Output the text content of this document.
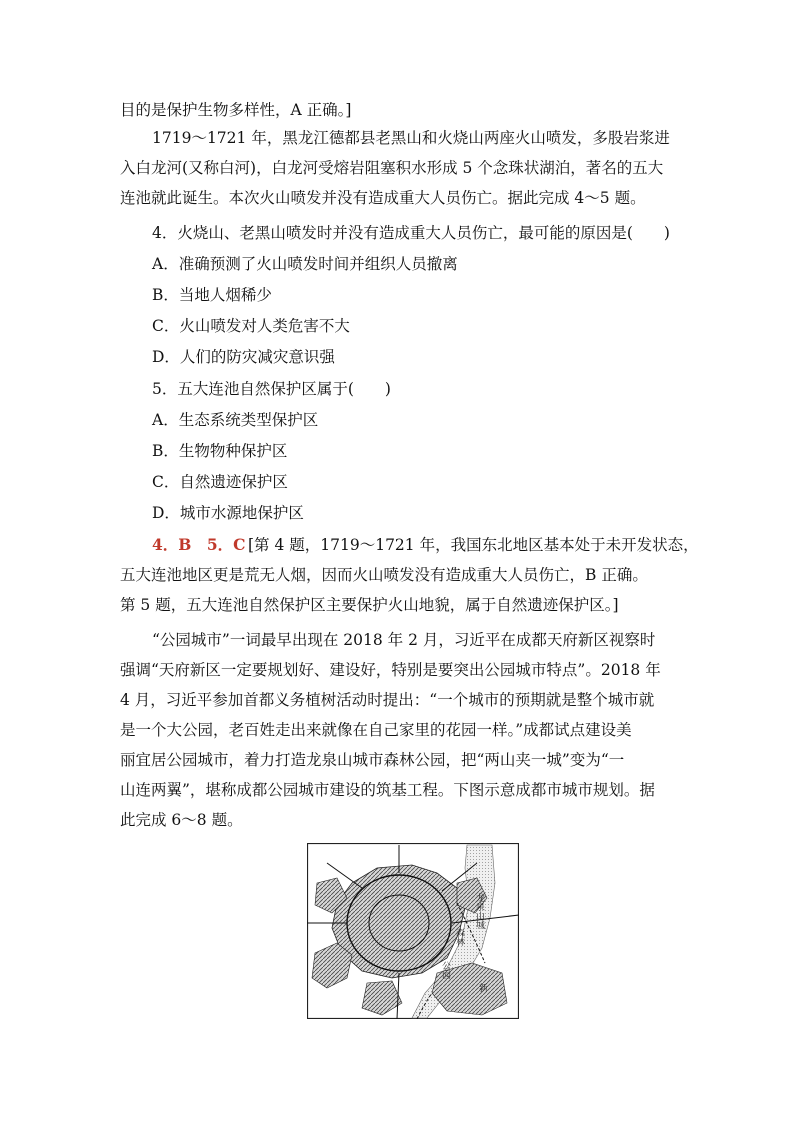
目的是保护生物多样性，A 正确。]
1719～1721 年，黑龙江德都县老黑山和火烧山两座火山喷发，多股岩浆进
入白龙河(又称白河)，白龙河受熔岩阻塞积水形成 5 个念珠状湖泊，著名的五大
连池就此诞生。本次火山喷发并没有造成重大人员伤亡。据此完成 4～5 题。
4．火烧山、老黑山喷发时并没有造成重大人员伤亡，最可能的原因是(　　)
A．准确预测了火山喷发时间并组织人员撤离
B．当地人烟稀少
C．火山喷发对人类危害不大
D．人们的防灾减灾意识强
5．五大连池自然保护区属于(　　)
A．生态系统类型保护区
B．生物物种保护区
C．自然遗迹保护区
D．城市水源地保护区
4．B　5．C [第 4 题，1719～1721 年，我国东北地区基本处于未开发状态，
五大连池地区更是荒无人烟，因而火山喷发没有造成重大人员伤亡，B 正确。
第 5 题，五大连池自然保护区主要保护火山地貌，属于自然遗迹保护区。]
“公园城市”一词最早出现在 2018 年 2 月，习近平在成都天府新区视察时
强调“天府新区一定要规划好、建设好，特别是要突出公园城市特点”。2018 年
4 月，习近平参加首都义务植树活动时提出：“一个城市的预期就是整个城市就
是一个大公园，老百姓走出来就像在自己家里的花园一样。”成都试点建设美
丽宜居公园城市，着力打造龙泉山城市森林公园，把“两山夹一城”变为“一
山连两翼”，堪称成都公园城市建设的筑基工程。下图示意成都市城市规划。据
此完成 6～8 题。
龙泉山城
森林
公园
新
